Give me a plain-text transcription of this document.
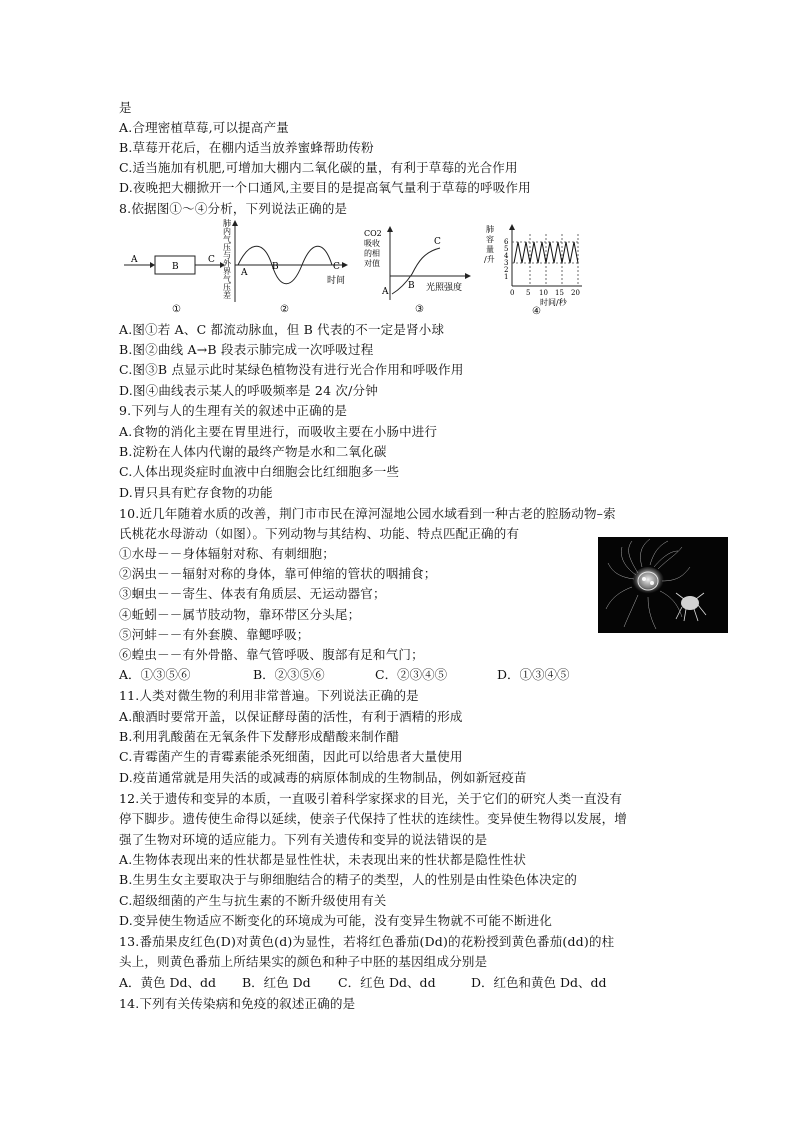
是
A.合理密植草莓,可以提高产量
B.草莓开花后，在棚内适当放养蜜蜂帮助传粉
C.适当施加有机肥,可增加大棚内二氧化碳的量，有利于草莓的光合作用
D.夜晚把大棚掀开一个口通风,主要目的是提高氧气量利于草莓的呼吸作用
8.依据图①～④分析，下列说法正确的是
A
B
C
①
肺
内
气
压
与
外
界
气
压
差
A
B	C
时间
②
CO2
吸收
的相
对值
A
B
C
光照强度
③
肺
容
量
/升
6
5
4
3
2
1
0 5 10 15 20
时间/秒
④
A.图①若 A、C 都流动脉血，但 B 代表的不一定是肾小球
B.图②曲线 A→B 段表示肺完成一次呼吸过程
C.图③B 点显示此时某绿色植物没有进行光合作用和呼吸作用
D.图④曲线表示某人的呼吸频率是 24 次/分钟
9.下列与人的生理有关的叙述中正确的是
A.食物的消化主要在胃里进行，而吸收主要在小肠中进行
B.淀粉在人体内代谢的最终产物是水和二氧化碳
C.人体出现炎症时血液中白细胞会比红细胞多一些
D.胃只具有贮存食物的功能
10.近几年随着水质的改善，荆门市市民在漳河湿地公园水域看到一种古老的腔肠动物–索
氏桃花水母游动（如图）。下列动物与其结构、功能、特点匹配正确的有
①水母－－身体辐射对称、有刺细胞；
②涡虫－－辐射对称的身体，靠可伸缩的管状的咽捕食；
③蛔虫－－寄生、体表有角质层、无运动器官；
④蚯蚓－－属节肢动物，靠环带区分头尾；
⑤河蚌－－有外套膜、靠鳃呼吸；
⑥蝗虫－－有外骨骼、靠气管呼吸、腹部有足和气门；
A．①③⑤⑥	B．②③⑤⑥	C．②③④⑤	D．①③④⑤
11.人类对微生物的利用非常普遍。下列说法正确的是
A.酿酒时要常开盖，以保证酵母菌的活性，有利于酒精的形成
B.利用乳酸菌在无氧条件下发酵形成醋酸来制作醋
C.青霉菌产生的青霉素能杀死细菌，因此可以给患者大量使用
D.疫苗通常就是用失活的或减毒的病原体制成的生物制品，例如新冠疫苗
12.关于遗传和变异的本质，一直吸引着科学家探求的目光，关于它们的研究人类一直没有
停下脚步。遗传使生命得以延续，使亲子代保持了性状的连续性。变异使生物得以发展，增
强了生物对环境的适应能力。下列有关遗传和变异的说法错误的是
A.生物体表现出来的性状都是显性性状，未表现出来的性状都是隐性性状
B.生男生女主要取决于与卵细胞结合的精子的类型，人的性别是由性染色体决定的
C.超级细菌的产生与抗生素的不断升级使用有关
D.变异使生物适应不断变化的环境成为可能，没有变异生物就不可能不断进化
13.番茄果皮红色(D)对黄色(d)为显性，若将红色番茄(Dd)的花粉授到黄色番茄(dd)的柱
头上，则黄色番茄上所结果实的颜色和种子中胚的基因组成分别是
A．黄色 Dd、dd B．红色 Dd C．红色 Dd、dd	D．红色和黄色 Dd、dd
14.下列有关传染病和免疫的叙述正确的是
